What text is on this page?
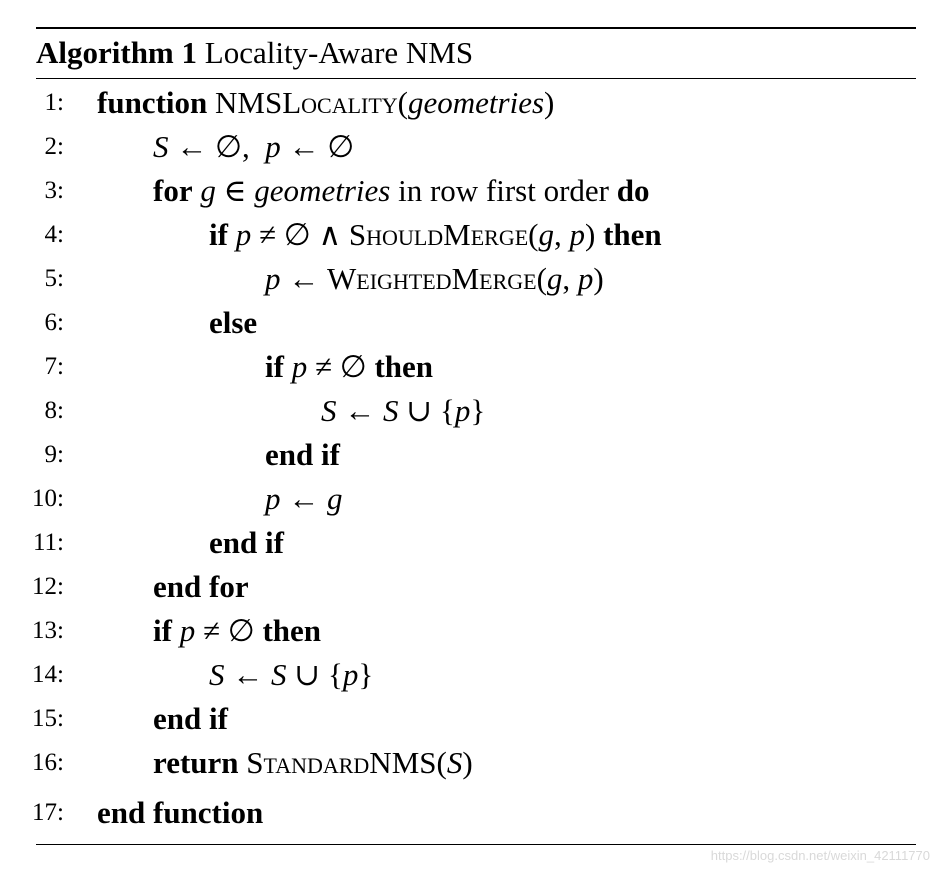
Algorithm 1 Locality-Aware NMS
1: function NMSLocality(geometries)
2:	S ← ∅,  p ← ∅
3:	for g ∈ geometries in row first order do
4:	if p ≠ ∅ ∧ ShouldMerge(g, p) then
5:	p ← WeightedMerge(g, p)
6:	else
7:	if p ≠ ∅ then
8:	S ← S ∪ {p}
9:	end if
10:	p ← g
11:	end if
12:	end for
13:	if p ≠ ∅ then
14:	S ← S ∪ {p}
15:	end if
16:	return StandardNMS(S)
17: end function
https://blog.csdn.net/weixin_42111770
